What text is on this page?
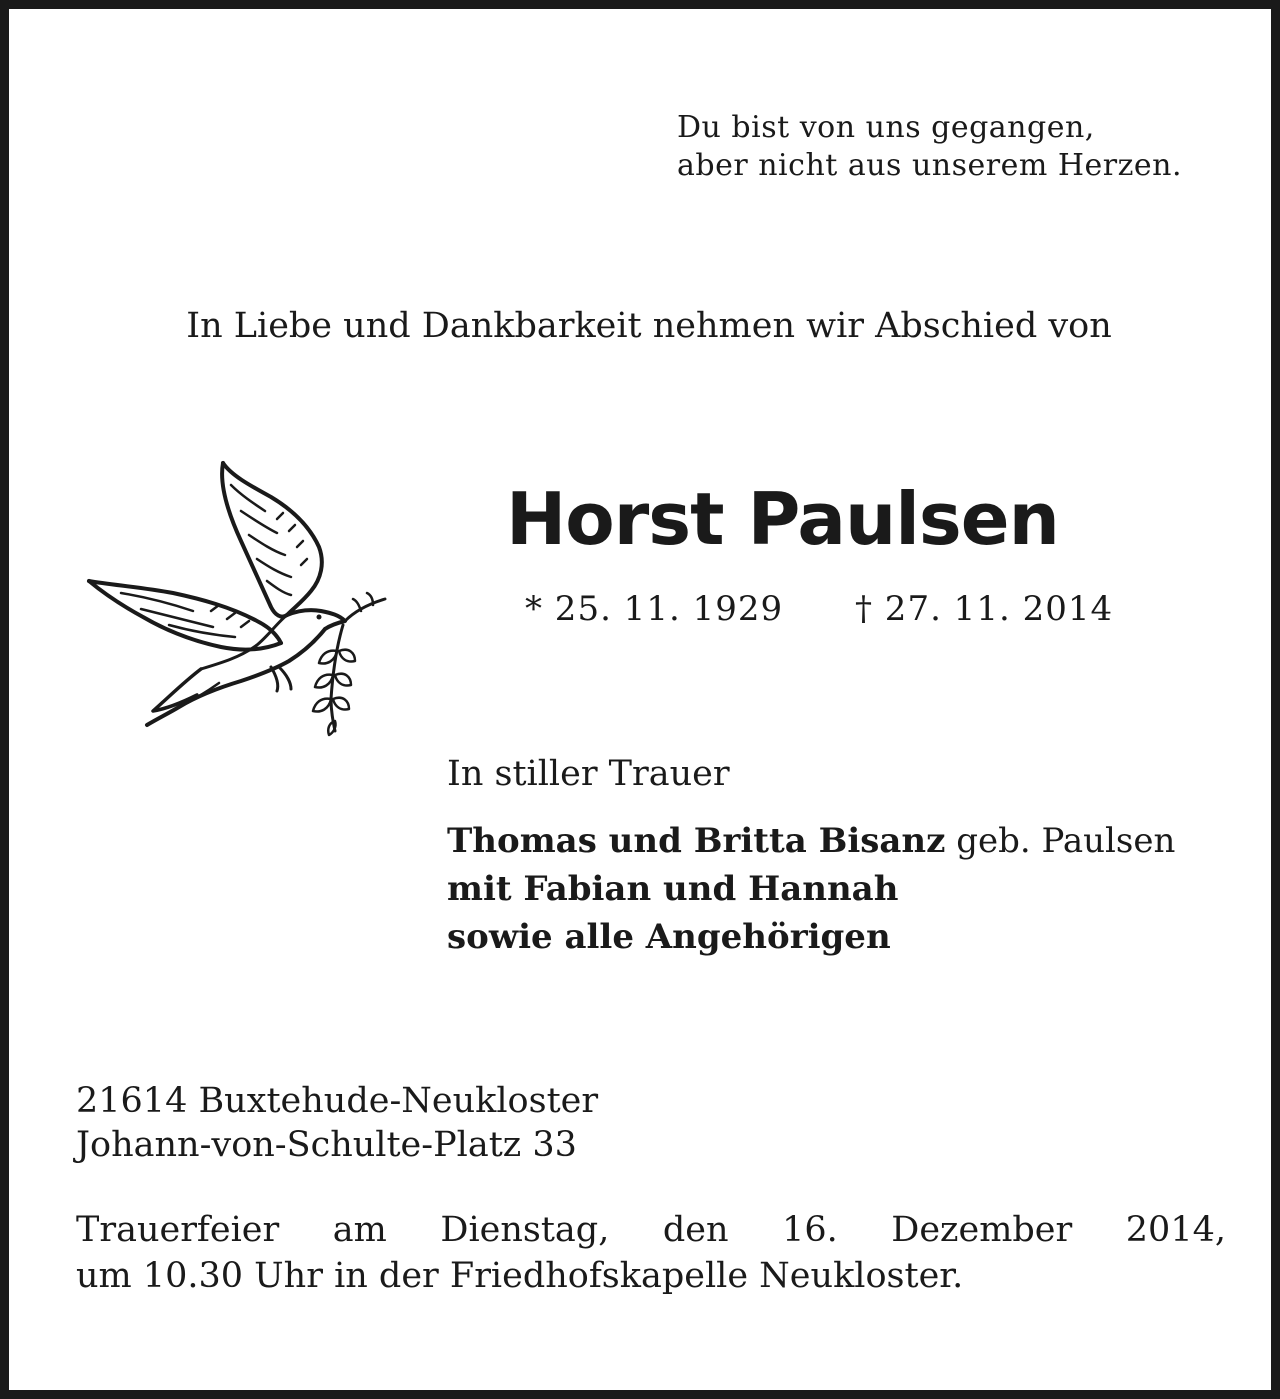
Du bist von uns gegangen,
aber nicht aus unserem Herzen.

In Liebe und Dankbarkeit nehmen wir Abschied von

Horst Paulsen

* 25. 11. 1929 † 27. 11. 2014

In stiller Trauer

Thomas und Britta Bisanz geb. Paulsen
mit Fabian und Hannah
sowie alle Angehörigen
21614 Buxtehude-Neukloster
Johann-von-Schulte-Platz 33
Trauerfeier am Dienstag, den 16. Dezember 2014,
um 10.30 Uhr in der Friedhofskapelle Neukloster.
